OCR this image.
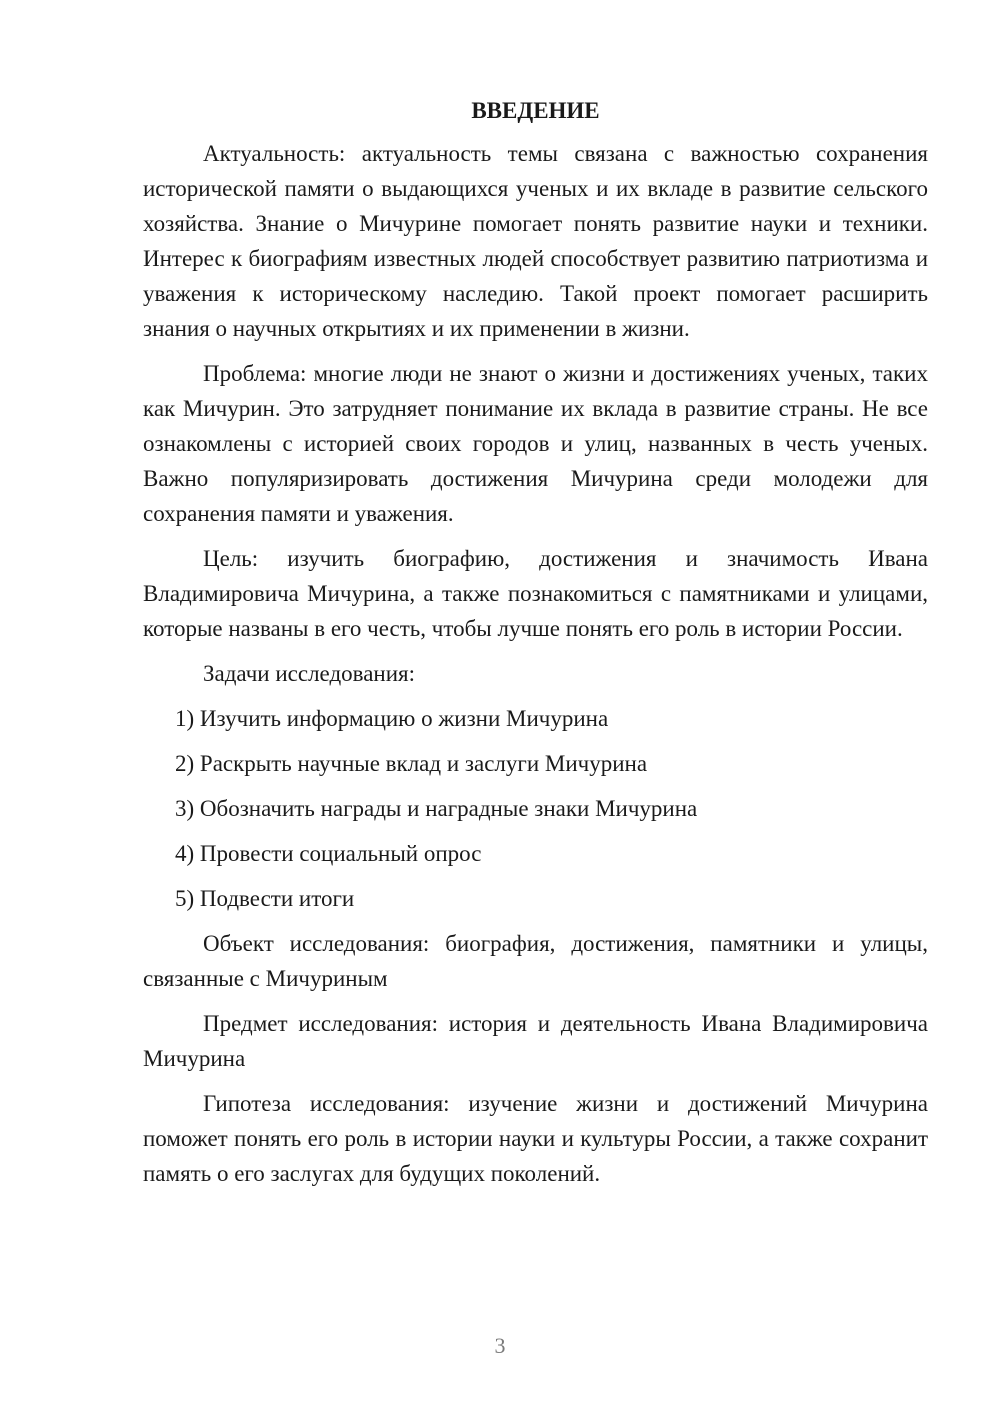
ВВЕДЕНИЕ

Актуальность: актуальность темы связана с важностью сохранения исторической памяти о выдающихся ученых и их вкладе в развитие сельского хозяйства. Знание о Мичурине помогает понять развитие науки и техники. Интерес к биографиям известных людей способствует развитию патриотизма и уважения к историческому наследию. Такой проект помогает расширить знания о научных открытиях и их применении в жизни.

Проблема: многие люди не знают о жизни и достижениях ученых, таких как Мичурин. Это затрудняет понимание их вклада в развитие страны. Не все ознакомлены с историей своих городов и улиц, названных в честь ученых. Важно популяризировать достижения Мичурина среди молодежи для сохранения памяти и уважения.

Цель: изучить биографию, достижения и значимость Ивана Владимировича Мичурина, а также познакомиться с памятниками и улицами, которые названы в его честь, чтобы лучше понять его роль в истории России.

Задачи исследования:

1) Изучить информацию о жизни Мичурина

2) Раскрыть научные вклад и заслуги Мичурина

3) Обозначить награды и наградные знаки Мичурина

4) Провести социальный опрос

5) Подвести итоги

Объект исследования: биография, достижения, памятники и улицы, связанные с Мичуриным

Предмет исследования: история и деятельность Ивана Владимировича Мичурина

Гипотеза исследования: изучение жизни и достижений Мичурина поможет понять его роль в истории науки и культуры России, а также сохранит память о его заслугах для будущих поколений.

3
